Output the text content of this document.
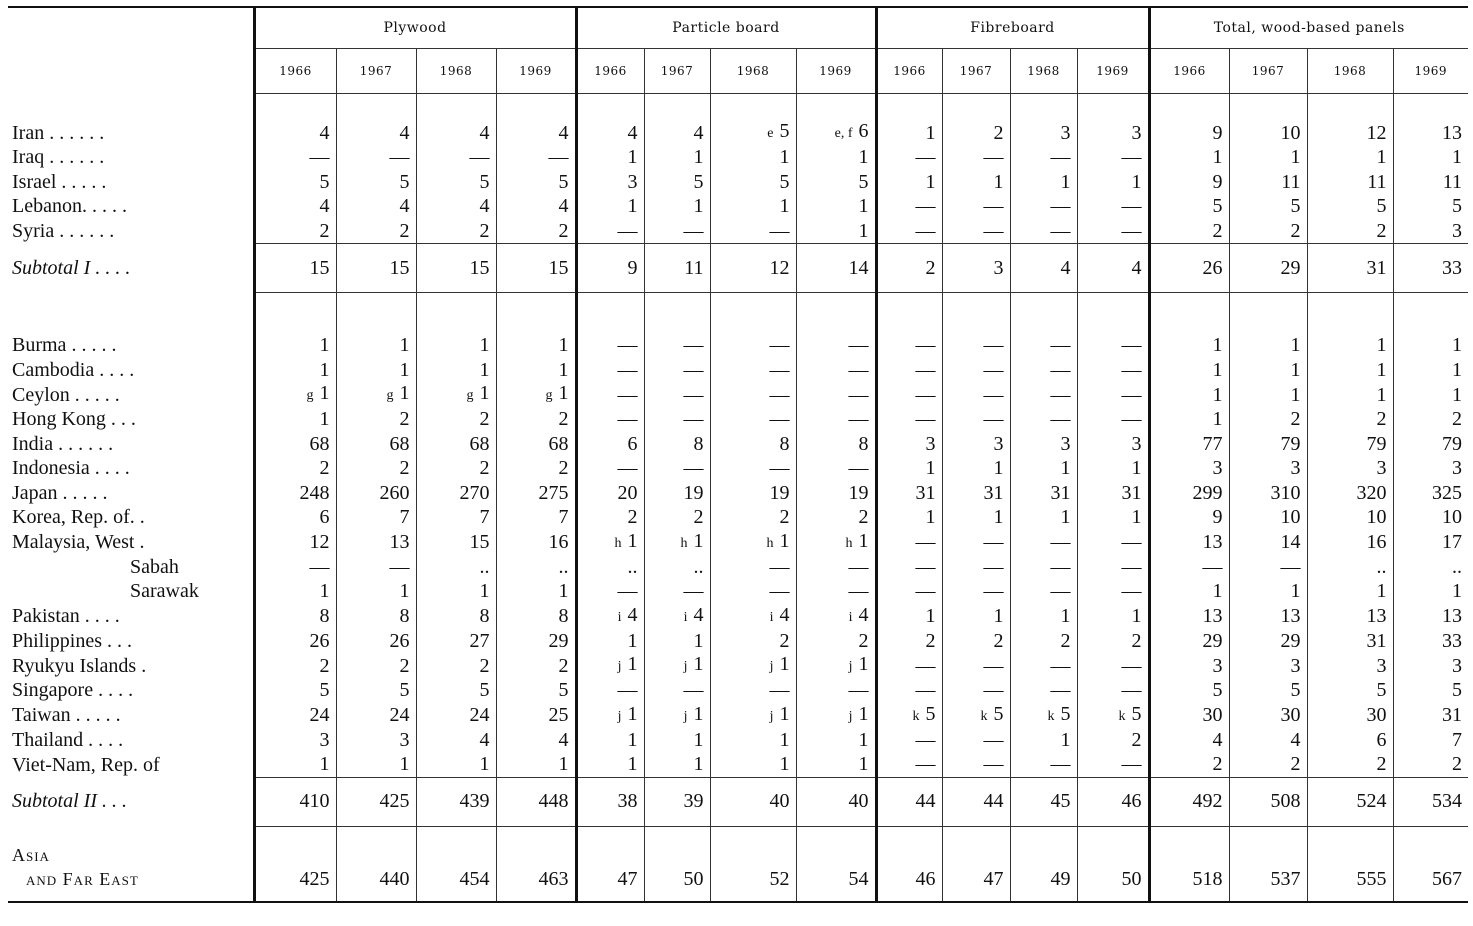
	Plywood				Particle board				Fibreboard				Total, wood-based panels			
	1966	1967	1968	1969	1966	1967	1968	1969	1966	1967	1968	1969	1966	1967	1968	1969

Iran . . . . . .	4	4	4	4	4	4	e 5	e, f 6	1	2	3	3	9	10	12	13
Iraq . . . . . .	—	—	—	—	1	1	1	1	—	—	—	—	1	1	1	1
Israel . . . . .	5	5	5	5	3	5	5	5	1	1	1	1	9	11	11	11
Lebanon. . . . .	4	4	4	4	1	1	1	1	—	—	—	—	5	5	5	5
Syria . . . . . .	2	2	2	2	—	—	—	1	—	—	—	—	2	2	2	3
Subtotal I . . . .	15	15	15	15	9	11	12	14	2	3	4	4	26	29	31	33

Burma . . . . .	1	1	1	1	—	—	—	—	—	—	—	—	1	1	1	1
Cambodia . . . .	1	1	1	1	—	—	—	—	—	—	—	—	1	1	1	1
Ceylon . . . . .	g 1	g 1	g 1	g 1	—	—	—	—	—	—	—	—	1	1	1	1
Hong Kong . . .	1	2	2	2	—	—	—	—	—	—	—	—	1	2	2	2
India . . . . . .	68	68	68	68	6	8	8	8	3	3	3	3	77	79	79	79
Indonesia . . . .	2	2	2	2	—	—	—	—	1	1	1	1	3	3	3	3
Japan . . . . .	248	260	270	275	20	19	19	19	31	31	31	31	299	310	320	325
Korea, Rep. of. .	6	7	7	7	2	2	2	2	1	1	1	1	9	10	10	10
Malaysia, West .	12	13	15	16	h 1	h 1	h 1	h 1	—	—	—	—	13	14	16	17
Sabah	—	—	..	..	..	..	—	—	—	—	—	—	—	—	..	..
Sarawak	1	1	1	1	—	—	—	—	—	—	—	—	1	1	1	1
Pakistan . . . .	8	8	8	8	i 4	i 4	i 4	i 4	1	1	1	1	13	13	13	13
Philippines . . .	26	26	27	29	1	1	2	2	2	2	2	2	29	29	31	33
Ryukyu Islands .	2	2	2	2	j 1	j 1	j 1	j 1	—	—	—	—	3	3	3	3
Singapore . . . .	5	5	5	5	—	—	—	—	—	—	—	—	5	5	5	5
Taiwan . . . . .	24	24	24	25	j 1	j 1	j 1	j 1	k 5	k 5	k 5	k 5	30	30	30	31
Thailand . . . .	3	3	4	4	1	1	1	1	—	—	1	2	4	4	6	7
Viet-Nam, Rep. of	1	1	1	1	1	1	1	1	—	—	—	—	2	2	2	2
Subtotal II . . .	410	425	439	448	38	39	40	40	44	44	45	46	492	508	524	534

Asia
and Far East	425	440	454	463	47	50	52	54	46	47	49	50	518	537	555	567
